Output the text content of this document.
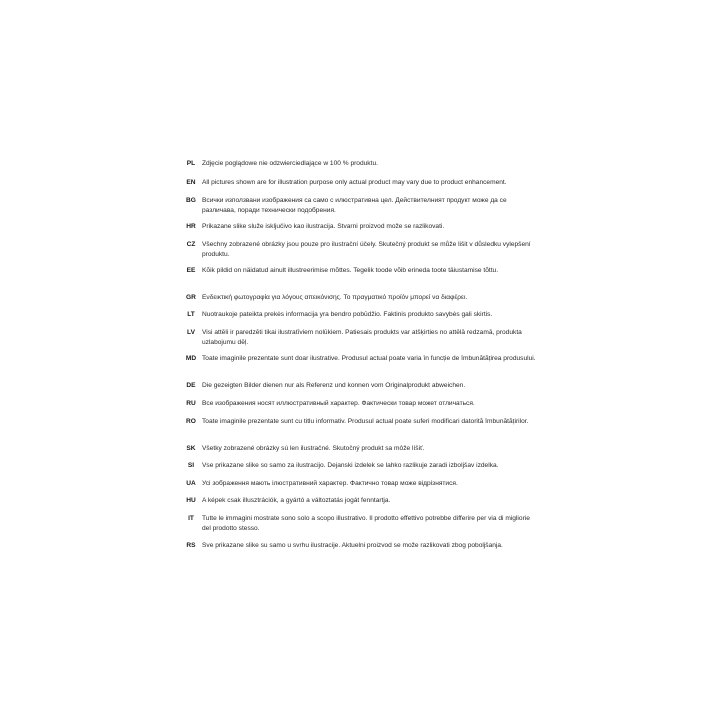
PL	Zdjęcie poglądowe nie odzwierciedlające w 100 % produktu.
EN All pictures shown are for illustration purpose only actual product may vary due to product enhancement.
BG Всички използвани изображения са само с илюстративна цел. Действителният продукт може да се различава, поради технически подобрения.
HR Prikazane slike služe isključivo kao ilustracija. Stvarni proizvod može se razlikovati.
CZ	Všechny zobrazené obrázky jsou pouze pro ilustrační účely. Skutečný produkt se může lišit v důsledku vylepšení produktu.
EE	Kõik pildid on näidatud ainult illustreerimise mõttes. Tegelik toode võib erineda toote täiustamise tõttu.
GR Ενδεικτική φωτογραφία για λόγους απεικόνισης. Το πραγματικό προϊόν μπορεί να διαφέρει.
LT	Nuotraukoje pateikta prekės informacija yra bendro pobūdžio. Faktinis produkto savybės gali skirtis.
LV	Visi attēli ir paredzēti tikai ilustratīviem nolūkiem. Patiesais produkts var atšķirties no attēlā redzamā, produkta uzlabojumu dēļ.
MD Toate imaginile prezentate sunt doar ilustrative. Produsul actual poate varia în funcție de îmbunătățirea produsului.
DE Die gezeigten Bilder dienen nur als Referenz und konnen vom Originalprodukt abweichen.
RU Все изображения носят иллюстративный характер. Фактически товар может отличаться.
RO Toate imaginile prezentate sunt cu titlu informativ. Produsul actual poate suferi modificari datorită îmbunătățirilor.
SK Všetky zobrazené obrázky sú len ilustračné. Skutočný produkt sa môže líšiť.
SI	Vse prikazane slike so samo za ilustracijo. Dejanski izdelek se lahko razlikuje zaradi izboljšav izdelka.
UA Усі зображення мають ілюстративний характер. Фактично товар може відрізнятися.
HU A képek csak illusztrációk, a gyártó a változtatás jogát fenntartja.
IT	Tutte le immagini mostrate sono solo a scopo illustrativo. Il prodotto effettivo potrebbe differire per via di migliorie del prodotto stesso.
RS Sve prikazane slike su samo u svrhu ilustracije. Aktuelni proizvod se može razlikovati zbog poboljšanja.
